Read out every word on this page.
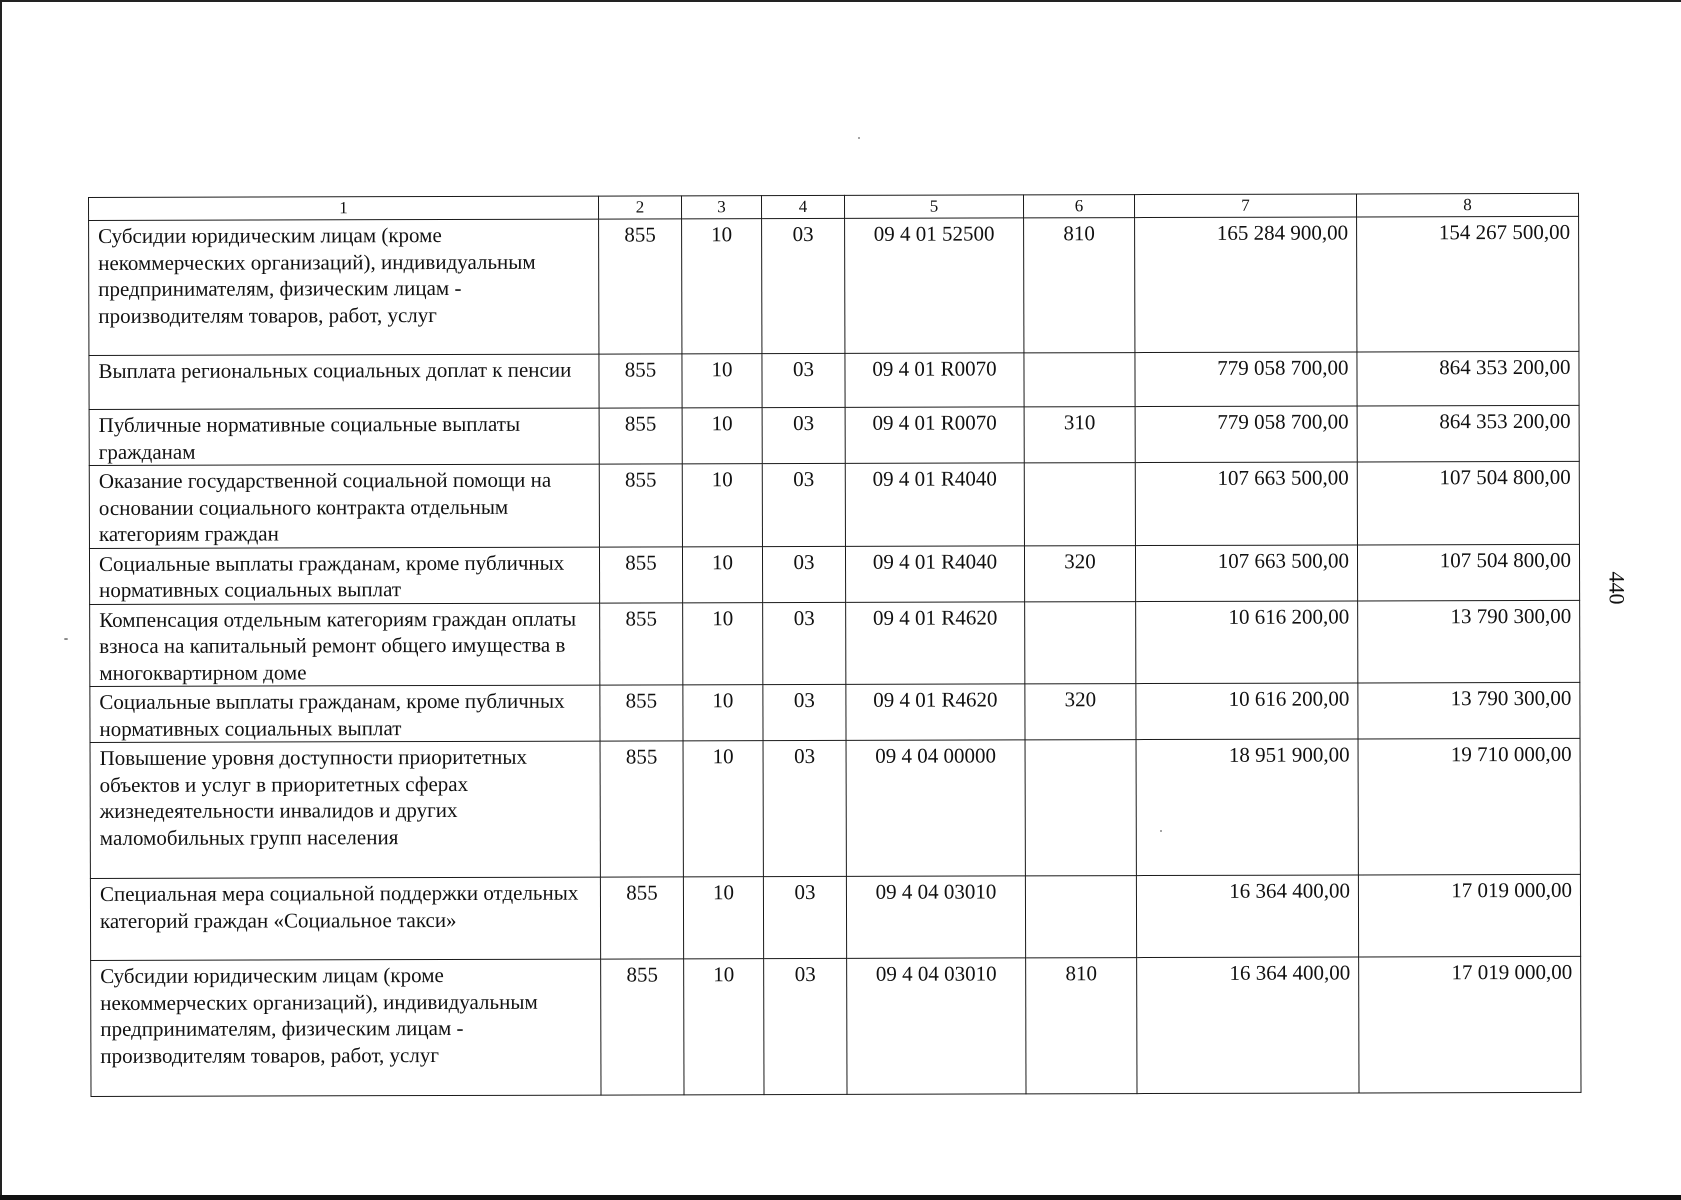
1	2	3	4	5	6	7	8
Субсидии юридическим лицам (кроме некоммерческих организаций), индивидуальным предпринимателям, физическим лицам - производителям товаров, работ, услуг	855	10	03	09 4 01 52500	810	165 284 900,00	154 267 500,00
Выплата региональных социальных доплат к пенсии	855	10	03	09 4 01 R0070		779 058 700,00	864 353 200,00
Публичные нормативные социальные выплаты гражданам	855	10	03	09 4 01 R0070	310	779 058 700,00	864 353 200,00
Оказание государственной социальной помощи на основании социального контракта отдельным категориям граждан	855	10	03	09 4 01 R4040		107 663 500,00	107 504 800,00
Социальные выплаты гражданам, кроме публичных нормативных социальных выплат	855	10	03	09 4 01 R4040	320	107 663 500,00	107 504 800,00
Компенсация отдельным категориям граждан оплаты взноса на капитальный ремонт общего имущества в многоквартирном доме	855	10	03	09 4 01 R4620		10 616 200,00	13 790 300,00
Социальные выплаты гражданам, кроме публичных нормативных социальных выплат	855	10	03	09 4 01 R4620	320	10 616 200,00	13 790 300,00
Повышение уровня доступности приоритетных объектов и услуг в приоритетных сферах жизнедеятельности инвалидов и других маломобильных групп населения	855	10	03	09 4 04 00000		18 951 900,00	19 710 000,00
Специальная мера социальной поддержки отдельных категорий граждан «Социальное такси»	855	10	03	09 4 04 03010		16 364 400,00	17 019 000,00
Субсидии юридическим лицам (кроме некоммерческих организаций), индивидуальным предпринимателям, физическим лицам - производителям товаров, работ, услуг	855	10	03	09 4 04 03010	810	16 364 400,00	17 019 000,00
440
